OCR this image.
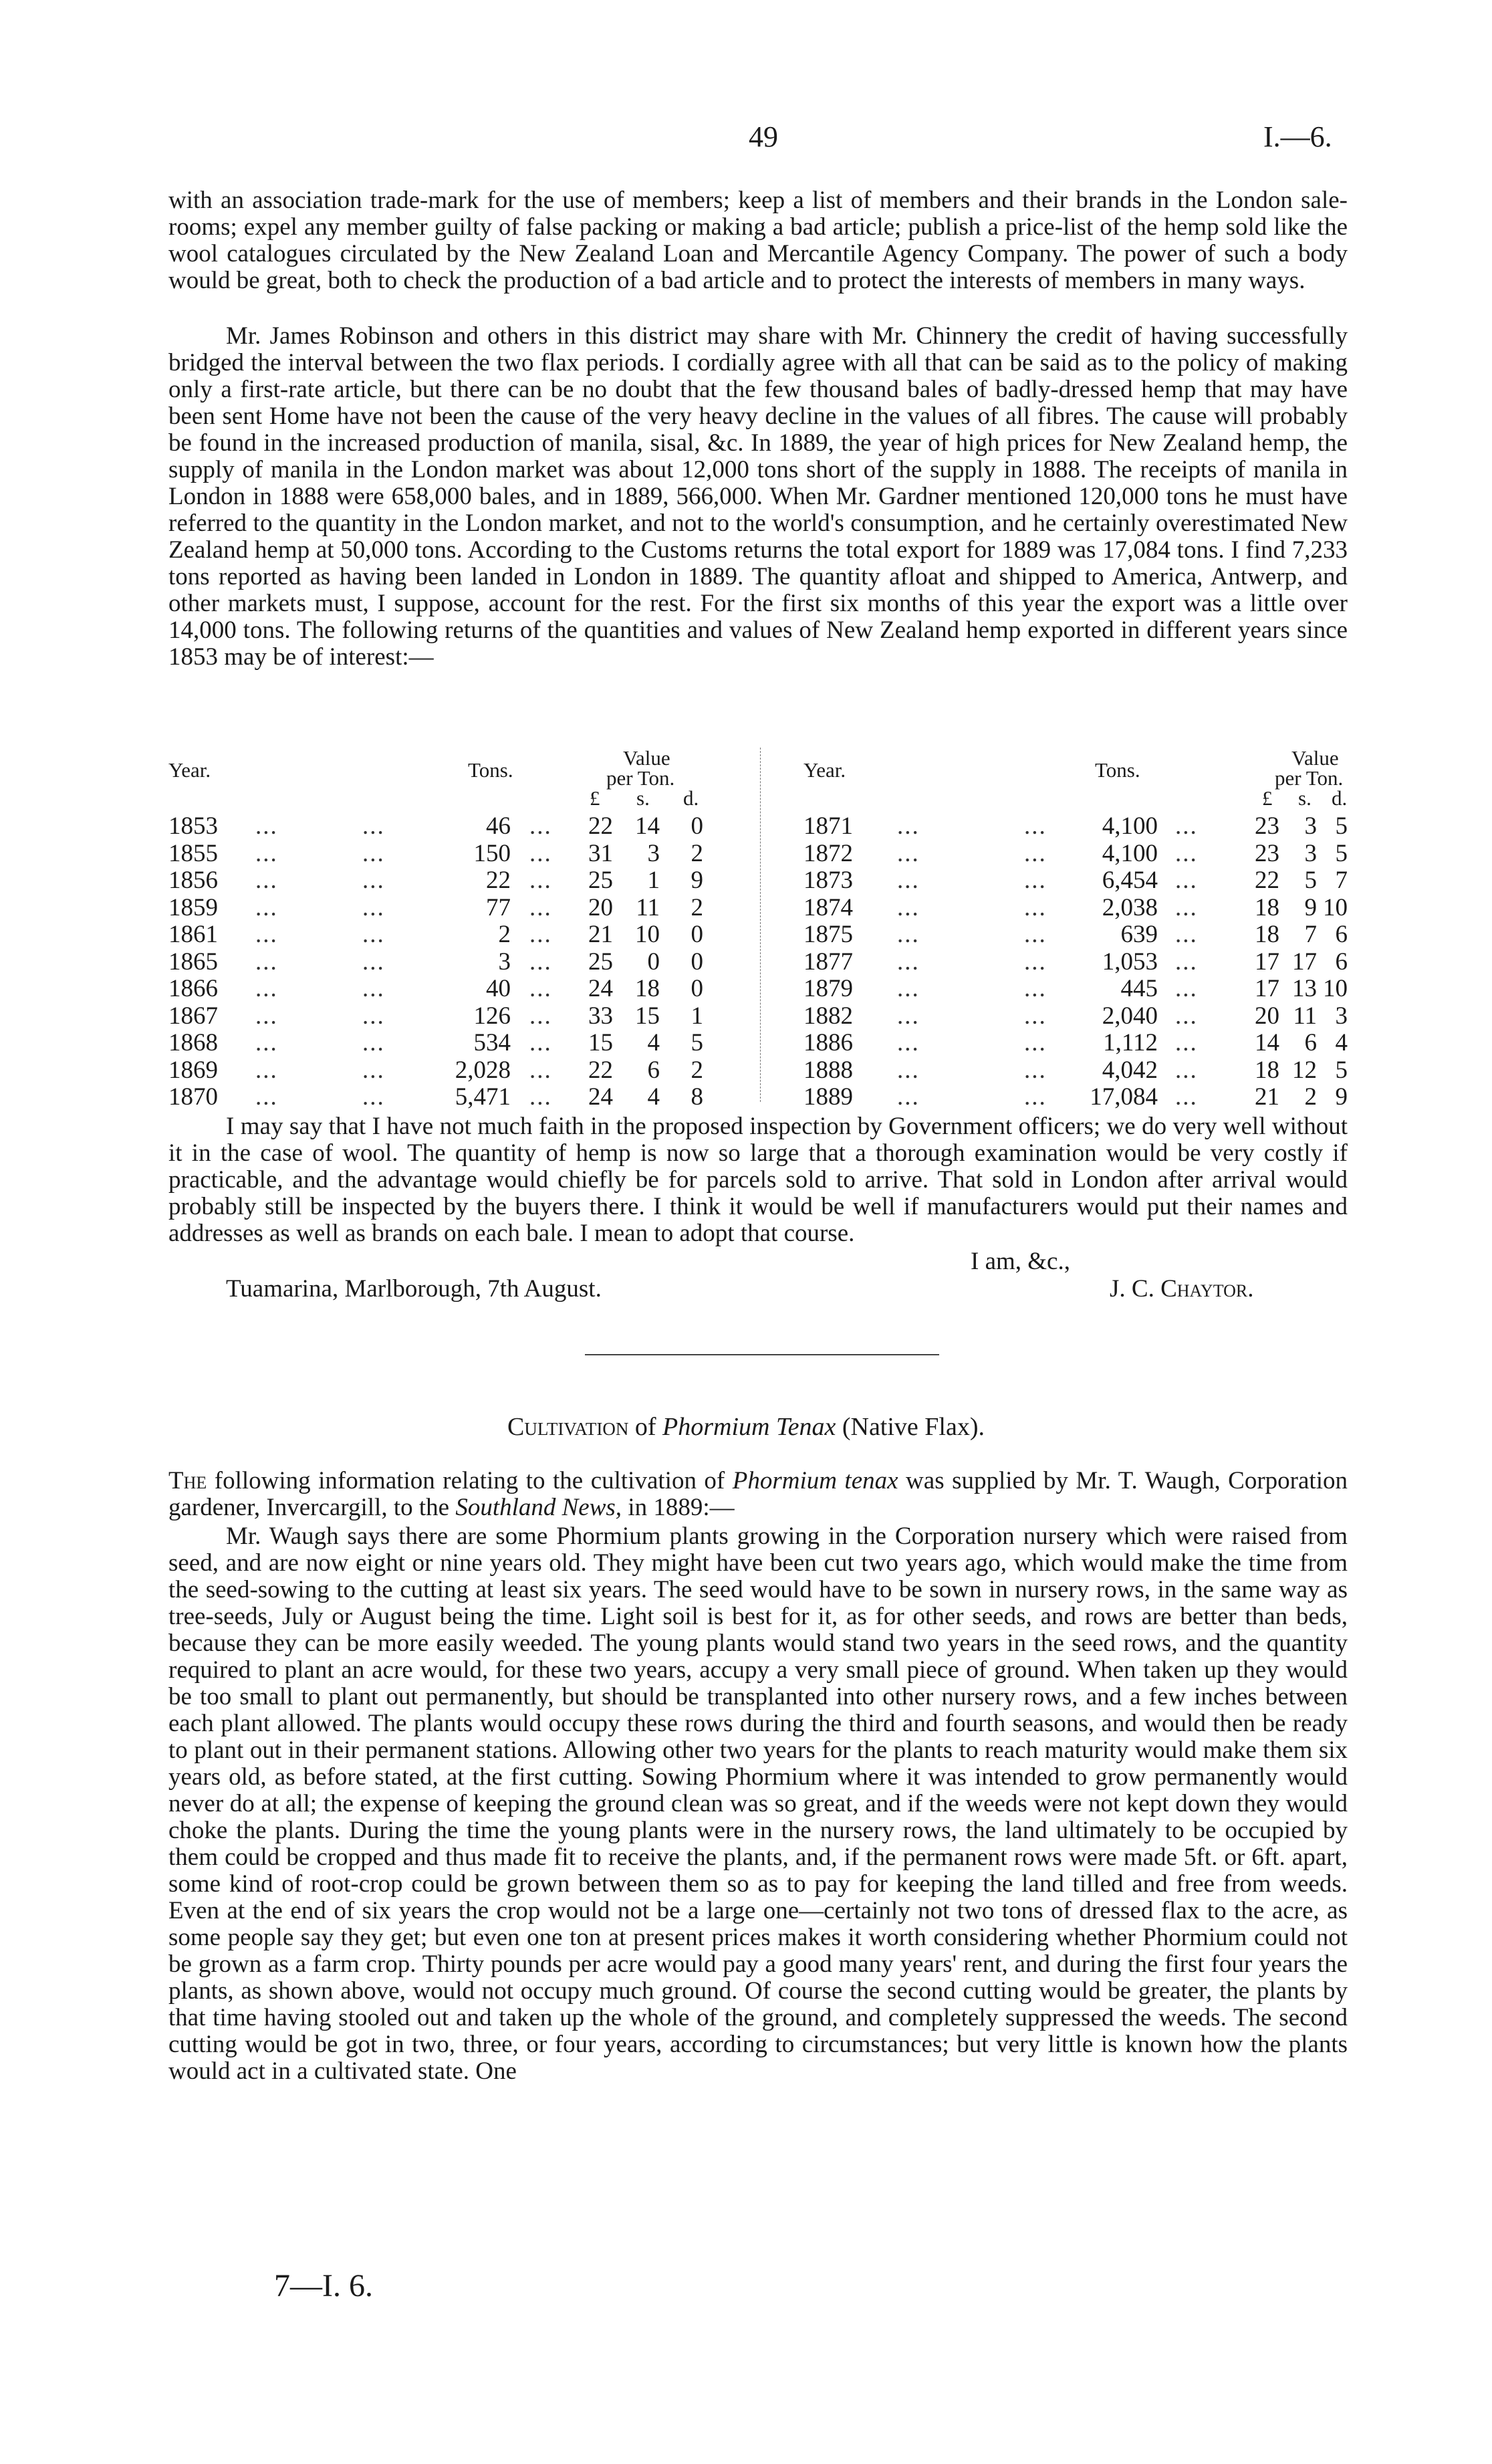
49	I.—6.
with an association trade-mark for the use of members; keep a list of members and their brands in the London sale-rooms; expel any member guilty of false packing or making a bad article; publish a price-list of the hemp sold like the wool catalogues circulated by the New Zealand Loan and Mercantile Agency Company. The power of such a body would be great, both to check the production of a bad article and to protect the interests of members in many ways.
Mr. James Robinson and others in this district may share with Mr. Chinnery the credit of having successfully bridged the interval between the two flax periods. I cordially agree with all that can be said as to the policy of making only a first-rate article, but there can be no doubt that the few thousand bales of badly-dressed hemp that may have been sent Home have not been the cause of the very heavy decline in the values of all fibres. The cause will probably be found in the increased production of manila, sisal, &c. In 1889, the year of high prices for New Zealand hemp, the supply of manila in the London market was about 12,000 tons short of the supply in 1888. The receipts of manila in London in 1888 were 658,000 bales, and in 1889, 566,000. When Mr. Gardner mentioned 120,000 tons he must have referred to the quantity in the London market, and not to the world's consumption, and he certainly overestimated New Zealand hemp at 50,000 tons. According to the Customs returns the total export for 1889 was 17,084 tons. I find 7,233 tons reported as having been landed in London in 1889. The quantity afloat and shipped to America, Antwerp, and other markets must, I suppose, account for the rest. For the first six months of this year the export was a little over 14,000 tons. The following returns of the quantities and values of New Zealand hemp exported in different years since 1853 may be of interest:—
Year.	Tons.
Value
per Ton.
£ s. d.
1853 ...	...	46 ... 22 14 0
1855 ...	...	150 ... 31 3 2
1856 ...	...	22 ... 25 1 9
1859 ...	...	77 ... 20 11 2
1861 ...	...	2 ... 21 10 0
1865 ...	...	3 ... 25 0 0
1866 ...	...	40 ... 24 18 0
1867 ...	...	126 ... 33 15 1
1868 ...	...	534 ... 15 4 5
1869 ...	...	2,028 ... 22 6 2
1870 ...	...	5,471 ... 24 4 8
Year.	Tons.
Value
per Ton.
£ s. d.
1871 ...	... 4,100 ... 23 3 5
1872 ...	... 4,100 ... 23 3 5
1873 ...	... 6,454 ... 22 5 7
1874 ...	... 2,038 ... 18 9 10
1875 ...	...	639 ... 18 7 6
1877 ...	... 1,053 ... 17 17 6
1879 ...	...	445 ... 17 13 10
1882 ...	... 2,040 ... 20 11 3
1886 ...	... 1,112 ... 14 6 4
1888 ...	... 4,042 ... 18 12 5
1889 ...	... 17,084 ... 21 2 9
I may say that I have not much faith in the proposed inspection by Government officers; we do very well without it in the case of wool. The quantity of hemp is now so large that a thorough examination would be very costly if practicable, and the advantage would chiefly be for parcels sold to arrive. That sold in London after arrival would probably still be inspected by the buyers there. I think it would be well if manufacturers would put their names and addresses as well as brands on each bale. I mean to adopt that course.
I am, &c.,
Tuamarina, Marlborough, 7th August.	J. C. Chaytor.
Cultivation of Phormium Tenax (Native Flax).
The following information relating to the cultivation of Phormium tenax was supplied by Mr. T. Waugh, Corporation gardener, Invercargill, to the Southland News, in 1889:—
Mr. Waugh says there are some Phormium plants growing in the Corporation nursery which were raised from seed, and are now eight or nine years old. They might have been cut two years ago, which would make the time from the seed-sowing to the cutting at least six years. The seed would have to be sown in nursery rows, in the same way as tree-seeds, July or August being the time. Light soil is best for it, as for other seeds, and rows are better than beds, because they can be more easily weeded. The young plants would stand two years in the seed rows, and the quantity required to plant an acre would, for these two years, accupy a very small piece of ground. When taken up they would be too small to plant out permanently, but should be transplanted into other nursery rows, and a few inches between each plant allowed. The plants would occupy these rows during the third and fourth seasons, and would then be ready to plant out in their permanent stations. Allowing other two years for the plants to reach maturity would make them six years old, as before stated, at the first cutting. Sowing Phormium where it was intended to grow permanently would never do at all; the expense of keeping the ground clean was so great, and if the weeds were not kept down they would choke the plants. During the time the young plants were in the nursery rows, the land ultimately to be occupied by them could be cropped and thus made fit to receive the plants, and, if the permanent rows were made 5ft. or 6ft. apart, some kind of root-crop could be grown between them so as to pay for keeping the land tilled and free from weeds. Even at the end of six years the crop would not be a large one—certainly not two tons of dressed flax to the acre, as some people say they get; but even one ton at present prices makes it worth considering whether Phormium could not be grown as a farm crop. Thirty pounds per acre would pay a good many years' rent, and during the first four years the plants, as shown above, would not occupy much ground. Of course the second cutting would be greater, the plants by that time having stooled out and taken up the whole of the ground, and completely suppressed the weeds. The second cutting would be got in two, three, or four years, according to circumstances; but very little is known how the plants would act in a cultivated state. One
7—I. 6.
